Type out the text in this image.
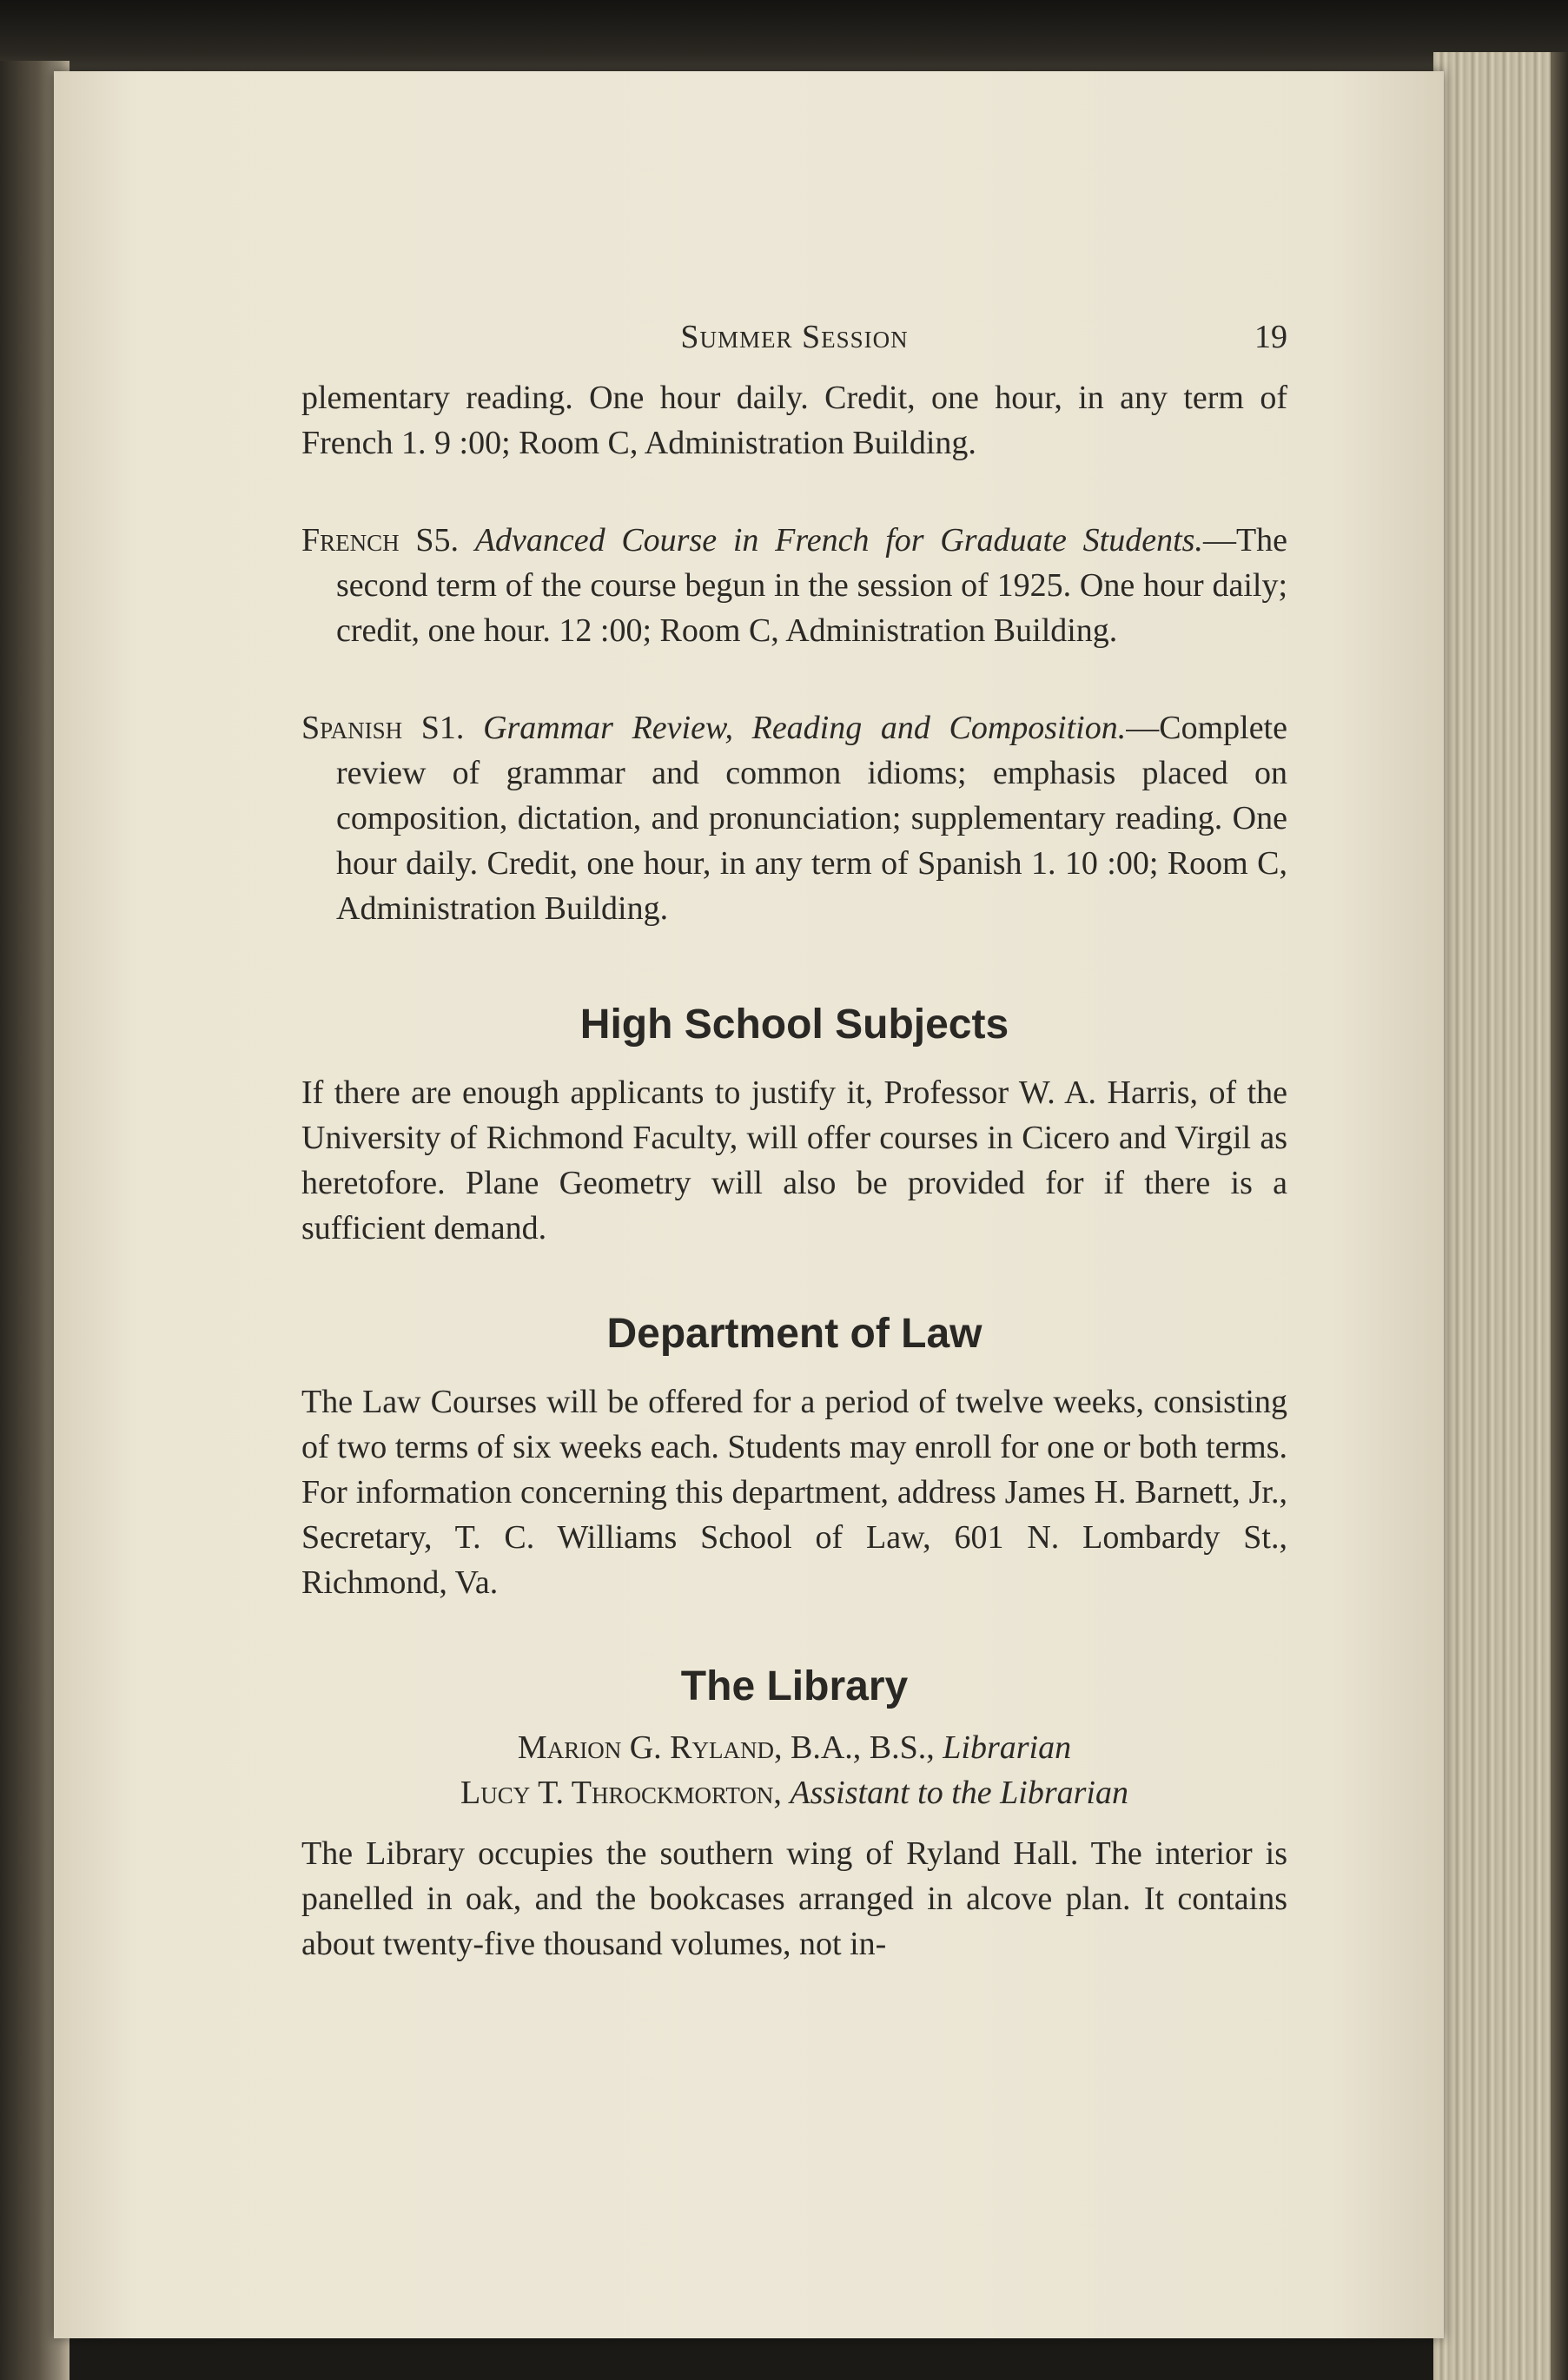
Summer Session	19

plementary reading. One hour daily. Credit, one hour, in any term of French 1. 9 :00; Room C, Administration Building.

French S5. Advanced Course in French for Graduate Students.—The second term of the course begun in the session of 1925. One hour daily; credit, one hour. 12 :00; Room C, Administration Building.

Spanish S1. Grammar Review, Reading and Composition.—Complete review of grammar and common idioms; emphasis placed on composition, dictation, and pronunciation; supplementary reading. One hour daily. Credit, one hour, in any term of Spanish 1. 10 :00; Room C, Administration Building.

High School Subjects

If there are enough applicants to justify it, Professor W. A. Harris, of the University of Richmond Faculty, will offer courses in Cicero and Virgil as heretofore. Plane Geometry will also be provided for if there is a sufficient demand.

Department of Law

The Law Courses will be offered for a period of twelve weeks, consisting of two terms of six weeks each. Students may enroll for one or both terms. For information concerning this department, address James H. Barnett, Jr., Secretary, T. C. Williams School of Law, 601 N. Lombardy St., Richmond, Va.

The Library
Marion G. Ryland, B.A., B.S., Librarian
Lucy T. Throckmorton, Assistant to the Librarian

The Library occupies the southern wing of Ryland Hall. The interior is panelled in oak, and the bookcases arranged in alcove plan. It contains about twenty-five thousand volumes, not in-
